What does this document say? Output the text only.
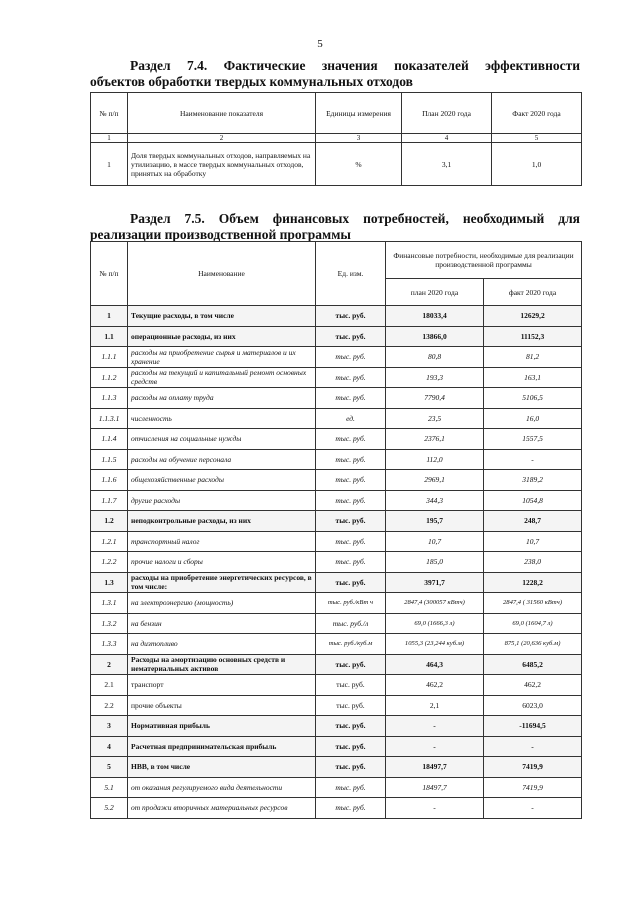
5
Раздел 7.4. Фактические значения показателей эффективности
объектов обработки твердых коммунальных отходов
№ п/п	Наименование показателя	Единицы измерения	План 2020 года	Факт 2020 года
1	2	3	4	5
1	Доля твердых коммунальных отходов, направляемых на утилизацию, в массе твердых коммунальных отходов, принятых на обработку	%	3,1	1,0
Раздел 7.5. Объем финансовых потребностей, необходимый для
реализации производственной программы
№ п/п	Наименование	Ед. изм.	Финансовые потребности, необходимые для реализации производственной программы	
			план 2020 года	факт 2020 года
1	Текущие расходы, в том числе	тыс. руб.	18033,4	12629,2
1.1	операционные расходы, из них	тыс. руб.	13866,0	11152,3
1.1.1	расходы на приобретение сырья и материалов и их хранение	тыс. руб.	80,8	81,2
1.1.2	расходы на текущий и капитальный ремонт основных средств	тыс. руб.	193,3	163,1
1.1.3	расходы на оплату труда	тыс. руб.	7790,4	5106,5
1.1.3.1	численность	ед.	23,5	16,0
1.1.4	отчисления на социальные нужды	тыс. руб.	2376,1	1557,5
1.1.5	расходы на обучение персонала	тыс. руб.	112,0	-
1.1.6	общехозяйственные расходы	тыс. руб.	2969,1	3189,2
1.1.7	другие расходы	тыс. руб.	344,3	1054,8
1.2	неподконтрольные расходы, из них	тыс. руб.	195,7	248,7
1.2.1	транспортный налог	тыс. руб.	10,7	10,7
1.2.2	прочие налоги и сборы	тыс. руб.	185,0	238,0
1.3	расходы на приобретение энергетических ресурсов, в том числе:	тыс. руб.	3971,7	1228,2
1.3.1	на электроэнергию (мощность)	тыс. руб./кВт ч	2847,4 (300057 кВтч)	2847,4 ( 31560 кВтч)
1.3.2	на бензин	тыс. руб./л	69,0 (1666,3 л)	69,0 (1604,7 л)
1.3.3	на дизтопливо	тыс. руб./куб.м	1055,3 (23,244 куб.м)	875,1 (20,636 куб.м)
2	Расходы на амортизацию основных средств и нематериальных активов	тыс. руб.	464,3	6485,2
2.1	транспорт	тыс. руб.	462,2	462,2
2.2	прочие объекты	тыс. руб.	2,1	6023,0
3	Нормативная прибыль	тыс. руб.	-	-11694,5
4	Расчетная предпринимательская прибыль	тыс. руб.	-	-
5	НВВ, в том числе	тыс. руб.	18497,7	7419,9
5.1	от оказания регулируемого вида деятельности	тыс. руб.	18497,7	7419,9
5.2	от продажи вторичных материальных ресурсов	тыс. руб.	-	-
